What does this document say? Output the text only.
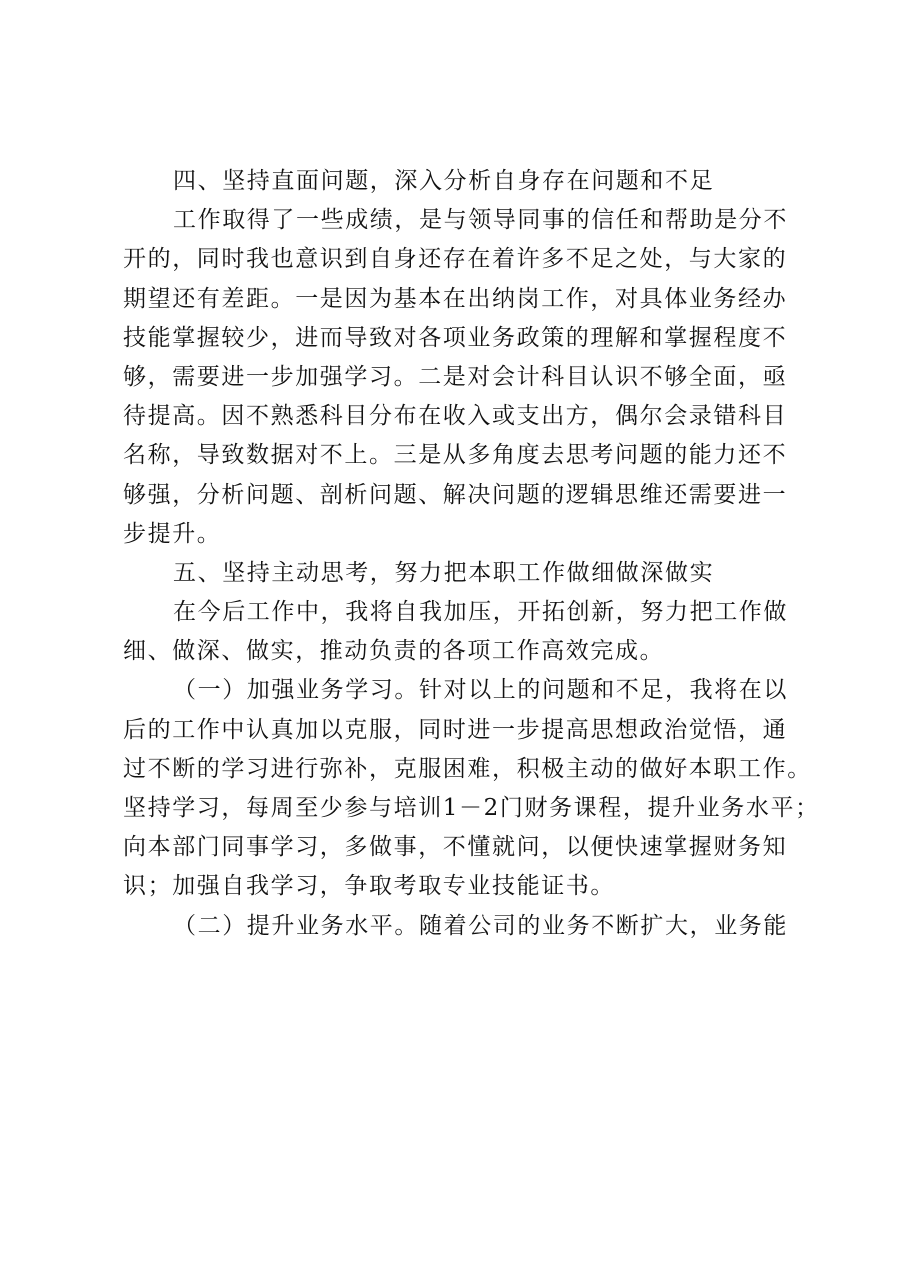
四、坚持直面问题，深入分析自身存在问题和不足
工作取得了一些成绩，是与领导同事的信任和帮助是分不
开的，同时我也意识到自身还存在着许多不足之处，与大家的
期望还有差距。一是因为基本在出纳岗工作，对具体业务经办
技能掌握较少，进而导致对各项业务政策的理解和掌握程度不
够，需要进一步加强学习。二是对会计科目认识不够全面，亟
待提高。因不熟悉科目分布在收入或支出方，偶尔会录错科目
名称，导致数据对不上。三是从多角度去思考问题的能力还不
够强，分析问题、剖析问题、解决问题的逻辑思维还需要进一
步提升。
五、坚持主动思考，努力把本职工作做细做深做实
在今后工作中，我将自我加压，开拓创新，努力把工作做
细、做深、做实，推动负责的各项工作高效完成。
（一）加强业务学习。针对以上的问题和不足，我将在以
后的工作中认真加以克服，同时进一步提高思想政治觉悟，通
过不断的学习进行弥补，克服困难，积极主动的做好本职工作。
坚持学习，每周至少参与培训1－2门财务课程，提升业务水平；
向本部门同事学习，多做事，不懂就问，以便快速掌握财务知
识；加强自我学习，争取考取专业技能证书。
（二）提升业务水平。随着公司的业务不断扩大，业务能
